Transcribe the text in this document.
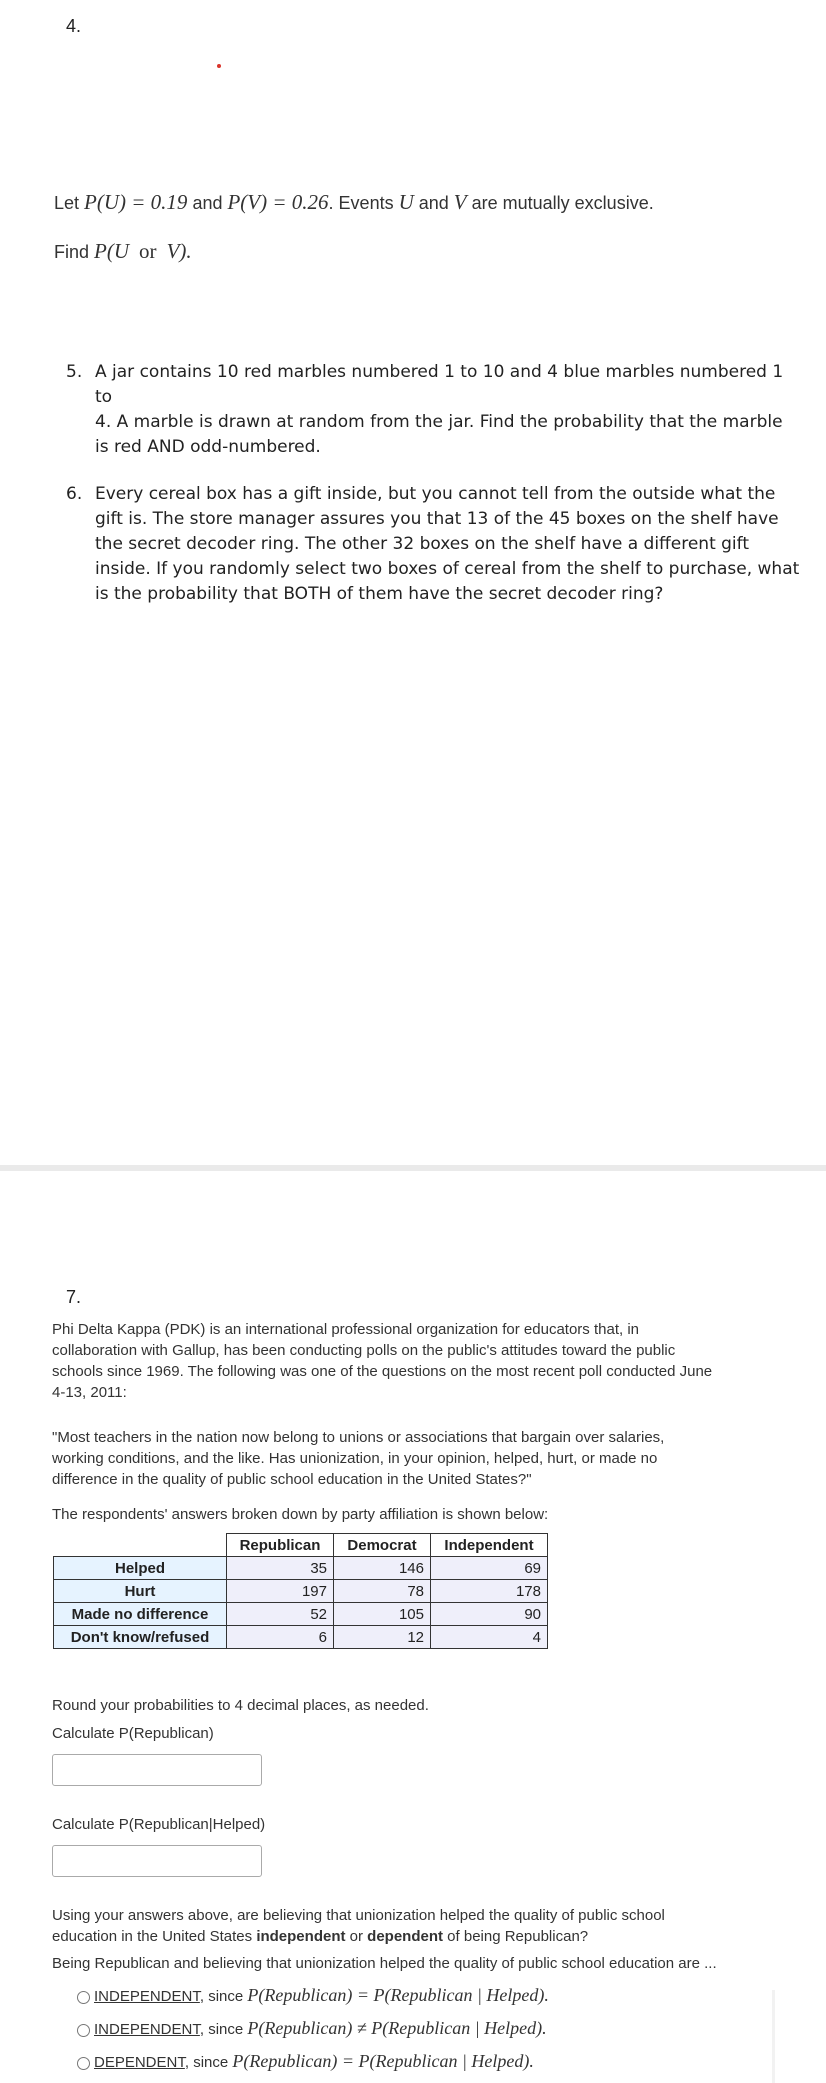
4.
Let P(U) = 0.19 and P(V) = 0.26. Events U and V are mutually exclusive.
Find P(U or V).
5. A jar contains 10 red marbles numbered 1 to 10 and 4 blue marbles numbered 1 to
4. A marble is drawn at random from the jar. Find the probability that the marble
is red AND odd-numbered.
6. Every cereal box has a gift inside, but you cannot tell from the outside what the
gift is. The store manager assures you that 13 of the 45 boxes on the shelf have
the secret decoder ring. The other 32 boxes on the shelf have a different gift
inside. If you randomly select two boxes of cereal from the shelf to purchase, what
is the probability that BOTH of them have the secret decoder ring?
7.
Phi Delta Kappa (PDK) is an international professional organization for educators that, in
collaboration with Gallup, has been conducting polls on the public's attitudes toward the public
schools since 1969. The following was one of the questions on the most recent poll conducted June
4-13, 2011:
"Most teachers in the nation now belong to unions or associations that bargain over salaries,
working conditions, and the like. Has unionization, in your opinion, helped, hurt, or made no
difference in the quality of public school education in the United States?"
The respondents' answers broken down by party affiliation is shown below:
	Republican	Democrat	Independent
Helped	35	146	69
Hurt	197	78	178
Made no difference	52	105	90
Don't know/refused	6	12	4
Round your probabilities to 4 decimal places, as needed.
Calculate P(Republican)
Calculate P(Republican|Helped)
Using your answers above, are believing that unionization helped the quality of public school
education in the United States independent or dependent of being Republican?
Being Republican and believing that unionization helped the quality of public school education are ...
INDEPENDENT, since P(Republican) = P(Republican | Helped).
INDEPENDENT, since P(Republican) ≠ P(Republican | Helped).
DEPENDENT, since P(Republican) = P(Republican | Helped).
